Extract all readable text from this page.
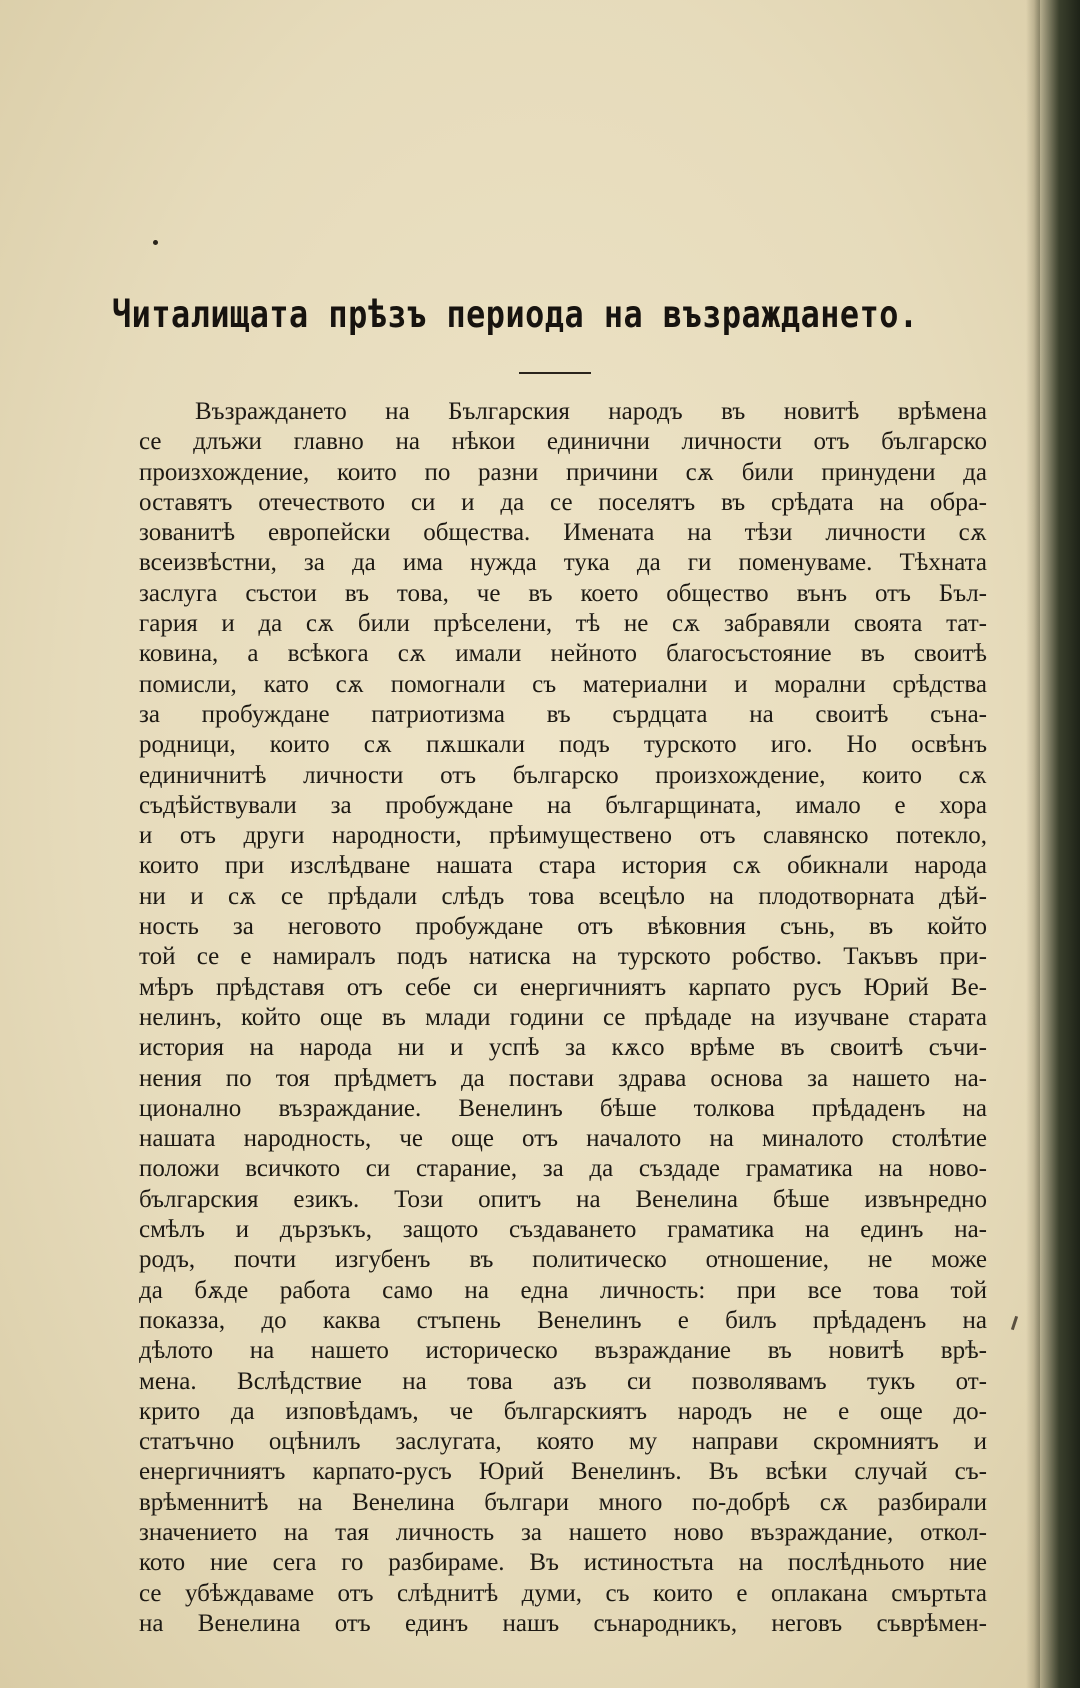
Читалищата прѣзъ периода на възраждането.
Възраждането на Българския народъ въ новитѣ врѣмена
се длъжи главно на нѣкои единични личности отъ българско
произхождение, които по разни причини сѫ били принудени да
оставятъ отечеството си и да се поселятъ въ срѣдата на обра-
зованитѣ европейски общества. Имената на тѣзи личности сѫ
всеизвѣстни, за да има нужда тука да ги поменуваме. Тѣхната
заслуга състои въ това, че въ което общество вънъ отъ Бъл-
гария и да сѫ били прѣселени, тѣ не сѫ забравяли своята тат-
ковина, а всѣкога сѫ имали нейното благосъстояние въ своитѣ
помисли, като сѫ помогнали съ материални и морални срѣдства
за пробуждане патриотизма въ сърдцата на своитѣ съна-
родници, които сѫ пѫшкали подъ турското иго. Но освѣнъ
единичнитѣ личности отъ българско произхождение, които сѫ
съдѣйствували за пробуждане на българщината, имало е хора
и отъ други народности, прѣимуществено отъ славянско потекло,
които при изслѣдване нашата стара история сѫ обикнали народа
ни и сѫ се прѣдали слѣдъ това всецѣло на плодотворната дѣй-
ность за неговото пробуждане отъ вѣковния сънь, въ който
той се е намиралъ подъ натиска на турското робство. Такъвъ при-
мѣръ прѣдставя отъ себе си енергичниятъ карпато русъ Юрий Ве-
нелинъ, който още въ млади години се прѣдаде на изучване старата
история на народа ни и успѣ за кѫсо врѣме въ своитѣ съчи-
нения по тоя прѣдметъ да постави здрава основа за нашето на-
ционално възраждание. Венелинъ бѣше толкова прѣдаденъ на
нашата народность, че още отъ началото на миналото столѣтие
положи всичкото си старание, за да създаде граматика на ново-
българския езикъ. Този опитъ на Венелина бѣше извънредно
смѣлъ и дързъкъ, защото създаването граматика на единъ на-
родъ, почти изгубенъ въ политическо отношение, не може
да бѫде работа само на една личность: при все това той
показза, до каква стъпень Венелинъ е билъ прѣдаденъ на
дѣлото на нашето историческо възраждание въ новитѣ врѣ-
мена. Вслѣдствие на това азъ си позволявамъ тукъ от-
крито да изповѣдамъ, че българскиятъ народъ не е още до-
статъчно оцѣнилъ заслугата, която му направи скромниятъ и
енергичниятъ карпато-русъ Юрий Венелинъ. Въ всѣки случай съ-
врѣменнитѣ на Венелина българи много по-добрѣ сѫ разбирали
значението на тая личность за нашето ново възраждание, откол-
кото ние сега го разбираме. Въ истиностьта на послѣдньото ние
се убѣждаваме отъ слѣднитѣ думи, съ които е оплакана смъртьта
на Венелина отъ единъ нашъ сънародникъ, неговъ съврѣмен-
